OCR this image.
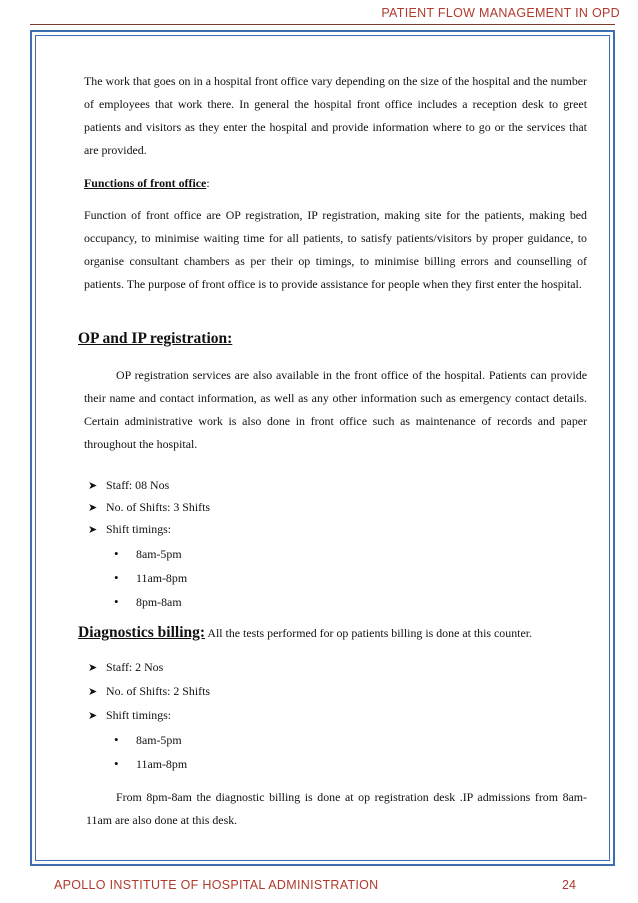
PATIENT FLOW MANAGEMENT IN OPD

The work that goes on in a hospital front office vary depending on the size of the hospital and the number of employees that work there. In general the hospital front office includes a reception desk to greet patients and visitors as they enter the hospital and provide information where to go or the services that are provided.

Functions of front office:

Function of front office are OP registration, IP registration, making site for the patients, making bed occupancy, to minimise waiting time for all patients, to satisfy patients/visitors by proper guidance, to organise consultant chambers as per their op timings, to minimise billing errors and counselling of patients. The purpose of front office is to provide assistance for people when they first enter the hospital.

OP and IP registration:

OP registration services are also available in the front office of the hospital. Patients can provide their name and contact information, as well as any other information such as emergency contact details. Certain administrative work is also done in front office such as maintenance of records and paper throughout the hospital.

➤ Staff: 08 Nos
➤ No. of Shifts: 3 Shifts
➤ Shift timings:
• 8am-5pm
• 11am-8pm
• 8pm-8am
Diagnostics billing: All the tests performed for op patients billing is done at this counter.
➤ Staff: 2 Nos
➤ No. of Shifts: 2 Shifts
➤ Shift timings:
• 8am-5pm
• 11am-8pm

From 8pm-8am the diagnostic billing is done at op registration desk .IP admissions from 8am-11am are also done at this desk.

APOLLO INSTITUTE OF HOSPITAL ADMINISTRATION	24
